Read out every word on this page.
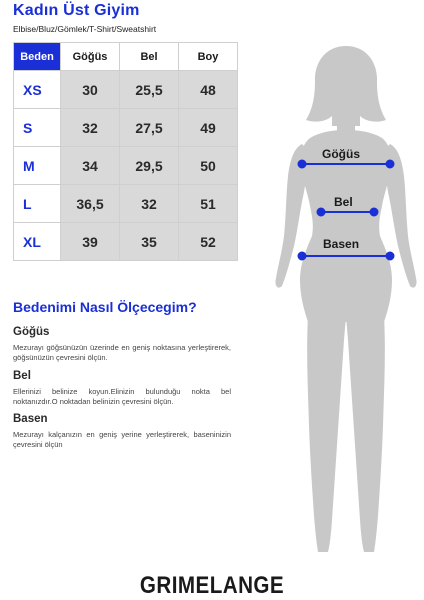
Kadın Üst Giyim
Elbise/Bluz/Gömlek/T-Shirt/Sweatshirt
Beden	Göğüs	Bel	Boy
XS	30	25,5	48
S	32	27,5	49
M	34	29,5	50
L	36,5	32	51
XL	39	35	52
Bedenimi Nasıl Ölçecegim?
Göğüs
Mezurayı göğsünüzün üzerinde en geniş noktasına yerleştirerek, göğsünüzün çevresini ölçün.
Bel
Ellerinizi belinize koyun.Elinizin bulunduğu nokta bel noktanızdır.O noktadan belinizin çevresini ölçün.
Basen
Mezurayı kalçanızın en geniş yerine yerleştirerek, baseninizin çevresini ölçün
Göğüs
Bel
Basen
GRIMELANGE
